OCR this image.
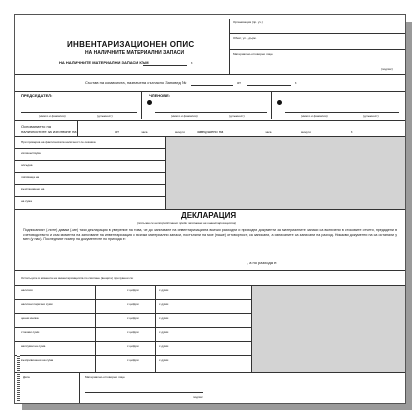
ИНВЕНТАРИЗАЦИОНЕН ОПИС
НА НАЛИЧНИТЕ МАТЕРИАЛНИ ЗАПАСИ
НА НАЛИЧНИТЕ МАТЕРИАЛНИ ЗАПАСИ КЪМ	г.
Организация (пр. уч.)
Обект, ул., държ.
Материално-отговорно лице
(подпис)
Състав на комисията, назначена съгласно Заповед №	от	г.
ПРЕДСЕДАТЕЛ:	ЧЛЕНОВЕ:
(името и фамилия)	(длъжност)	(името и фамилия)	(длъжност)	(името и фамилия)	(длъжност)
Основанието на
наличностите за изготвяне на	от	часа	минути	завършено на	часа	минути	г.
При проверка на фактическата наличност се оказаха
излишествува
оскъдна
липсваща на
възстановено на
на сума
ДЕКЛАРАЦИЯ
(попълва се непосредствено преди започване на инвентаризацията)
Подписаният (-ните) давам (-ме) тази декларация в уверение на това, че до започване на инвентаризацията всички разходни и приходни документи за материалните запаси са включени в стоковите отчети, предадени в счетоводството и към момента на започване на инвентаризация с всички материални запаси, постъпили на мое (наше) отговорност, са записани, а изписаните са записани на разход. Никакви документи на са останали у мен (у нас). Последният номер на документите по прихода е:
, а по разхода е:
Остатъците в момента на инвентаризацията по смятане (вещите) прочувени са:
наличия	с цифри	с думи
налични парични суми	с цифри	с думи
ценни книжа	с цифри	с думи
стокови суми	с цифри	с думи
аялсувки на сума	с цифри	с думи
възпривишени на сума	с цифри	с думи
Дата	Материално-отговорно лице
подпис
